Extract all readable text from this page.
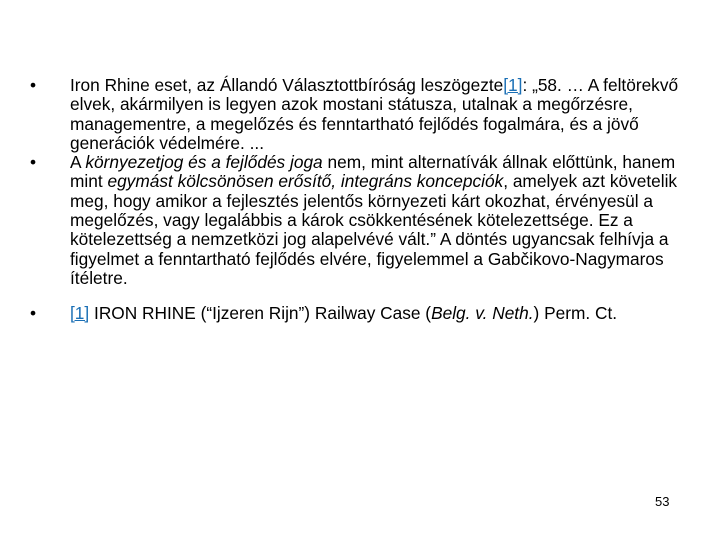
•	Iron Rhine eset, az Állandó Választottbíróság leszögezte[1]: „58. … A feltörekvő elvek, akármilyen is legyen azok mostani státusza, utalnak a megőrzésre, managementre, a megelőzés és fenntartható fejlődés fogalmára, és a jövő generációk védelmére. ...
•	A környezetjog és a fejlődés joga nem, mint alternatívák állnak előttünk, hanem mint egymást kölcsönösen erősítő, integráns koncepciók, amelyek azt követelik meg, hogy amikor a fejlesztés jelentős környezeti kárt okozhat, érvényesül a megelőzés, vagy legalábbis a károk csökkentésének kötelezettsége. Ez a kötelezettség a nemzetközi jog alapelvévé vált.” A döntés ugyancsak felhívja a figyelmet a fenntartható fejlődés elvére, figyelemmel a Gabčikovo-Nagymaros ítéletre.
•	[1] IRON RHINE (“Ijzeren Rijn”) Railway Case (Belg. v. Neth.) Perm. Ct.
53
